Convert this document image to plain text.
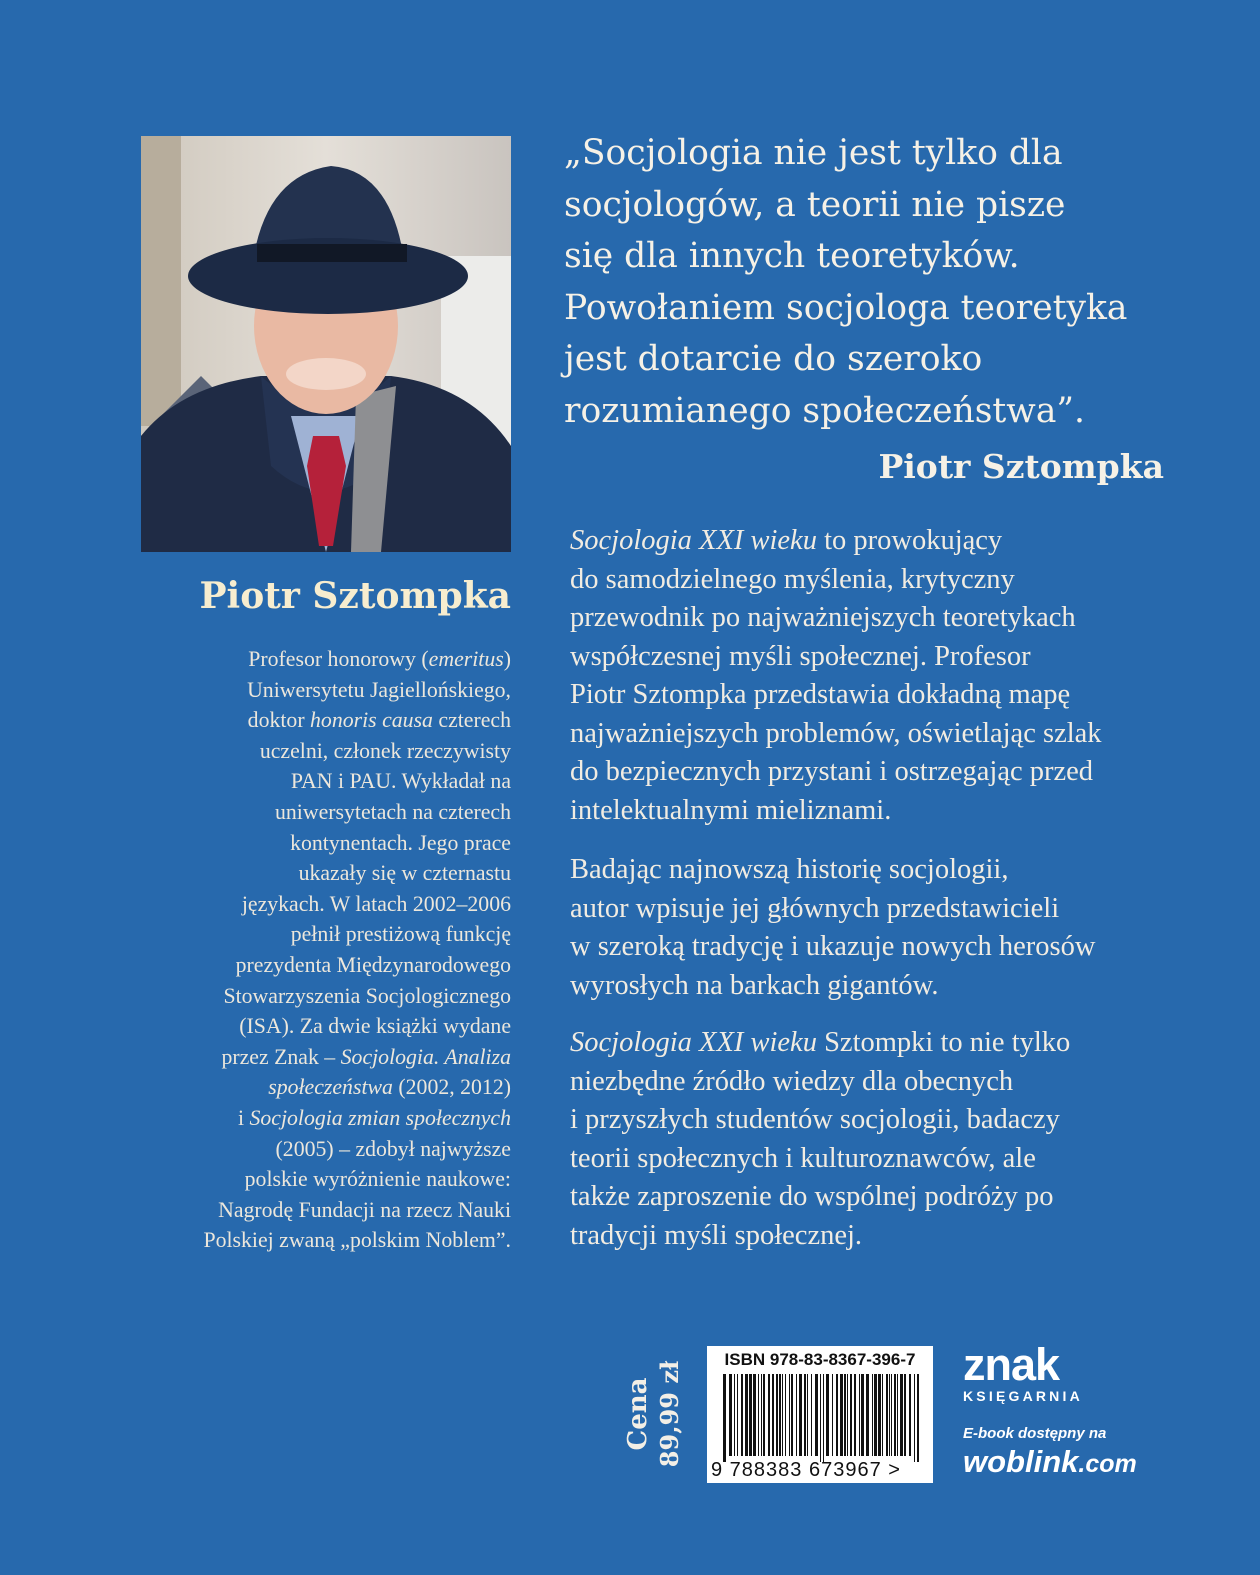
Piotr Sztompka
Profesor honorowy (emeritus)
Uniwersytetu Jagiellońskiego,
doktor honoris causa czterech
uczelni, członek rzeczywisty
PAN i PAU. Wykładał na
uniwersytetach na czterech
kontynentach. Jego prace
ukazały się w czternastu
językach. W latach 2002–2006
pełnił prestiżową funkcję
prezydenta Międzynarodowego
Stowarzyszenia Socjologicznego
(ISA). Za dwie książki wydane
przez Znak – Socjologia. Analiza
społeczeństwa (2002, 2012)
i Socjologia zmian społecznych
(2005) – zdobył najwyższe
polskie wyróżnienie naukowe:
Nagrodę Fundacji na rzecz Nauki
Polskiej zwaną „polskim Noblem”.
„Socjologia nie jest tylko dla
socjologów, a teorii nie pisze
się dla innych teoretyków.
Powołaniem socjologa teoretyka
jest dotarcie do szeroko
rozumianego społeczeństwa”.
Piotr Sztompka
Socjologia XXI wieku to prowokujący
do samodzielnego myślenia, krytyczny
przewodnik po najważniejszych teoretykach
współczesnej myśli społecznej. Profesor
Piotr Sztompka przedstawia dokładną mapę
najważniejszych problemów, oświetlając szlak
do bezpiecznych przystani i ostrzegając przed
intelektualnymi mieliznami.
Badając najnowszą historię socjologii,
autor wpisuje jej głównych przedstawicieli
w szeroką tradycję i ukazuje nowych herosów
wyrosłych na barkach gigantów.
Socjologia XXI wieku Sztompki to nie tylko
niezbędne źródło wiedzy dla obecnych
i przyszłych studentów socjologii, badaczy
teorii społecznych i kulturoznawców, ale
także zaproszenie do wspólnej podróży po
tradycji myśli społecznej.
Cena 89,99 zł
ISBN 978-83-8367-396-7
9 788383 673967 >
znak
KSIĘGARNIA
E-book dostępny na
woblink.com
